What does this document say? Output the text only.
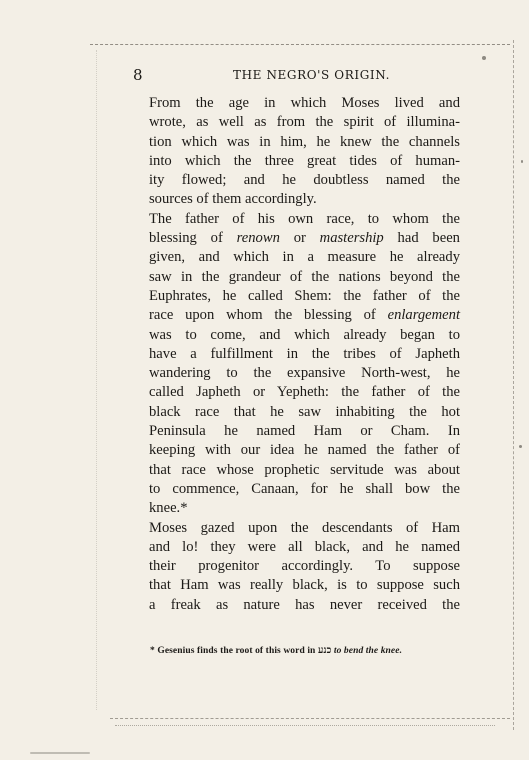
8	THE NEGRO'S ORIGIN.

From the age in which Moses lived and
wrote, as well as from the spirit of illumina-
tion which was in him, he knew the channels
into which the three great tides of human-
ity flowed; and he doubtless named the
sources of them accordingly.

The father of his own race, to whom the
blessing of renown or mastership had been
given, and which in a measure he already
saw in the grandeur of the nations beyond the
Euphrates, he called Shem: the father of the
race upon whom the blessing of enlargement
was to come, and which already began to
have a fulfillment in the tribes of Japheth
wandering to the expansive North-west, he
called Japheth or Yepheth: the father of the
black race that he saw inhabiting the hot
Peninsula he named Ham or Cham. In
keeping with our idea he named the father of
that race whose prophetic servitude was about
to commence, Canaan, for he shall bow the
knee.*

Moses gazed upon the descendants of Ham
and lo! they were all black, and he named
their progenitor accordingly. To suppose
that Ham was really black, is to suppose such
a freak as nature has never received the

* Gesenius finds the root of this word in כנע to bend the knee.
